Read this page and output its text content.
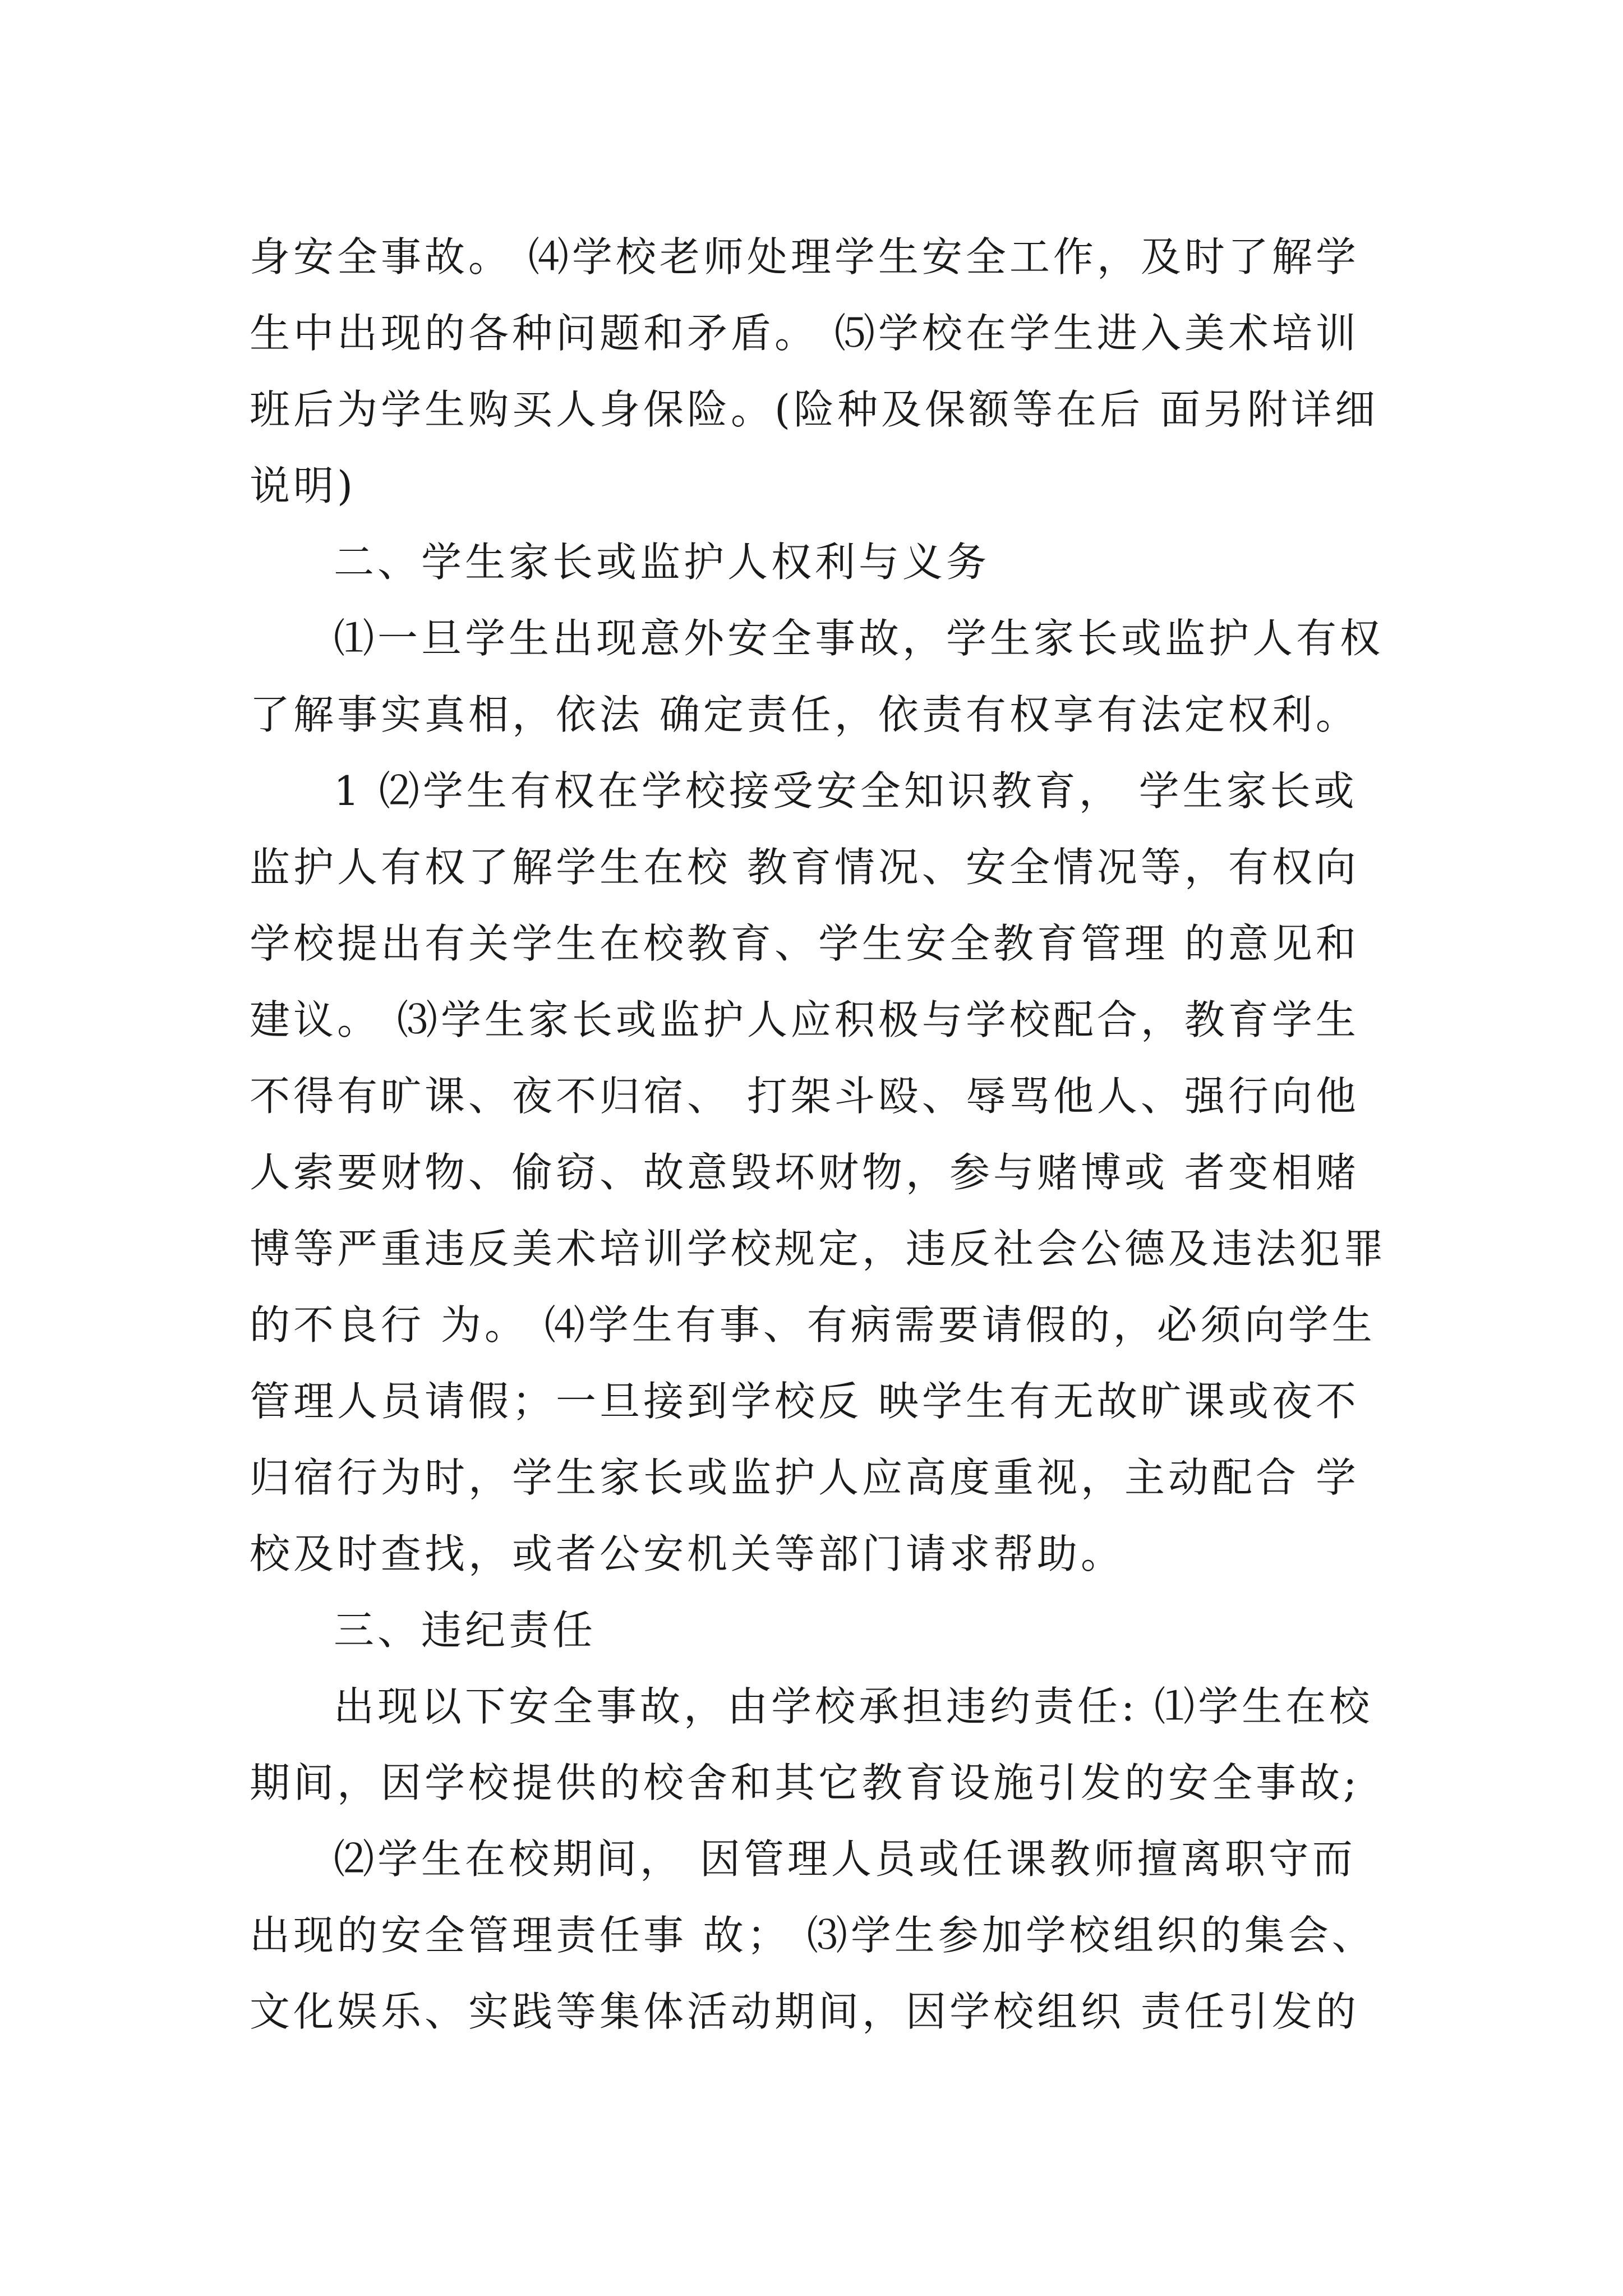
身安全事故。 ⑷学校老师处理学生安全工作，及时了解学
生中出现的各种问题和矛盾。 ⑸学校在学生进入美术培训
班后为学生购买人身保险。(险种及保额等在后 面另附详细
说明)
二、学生家长或监护人权利与义务
⑴一旦学生出现意外安全事故，学生家长或监护人有权
了解事实真相，依法 确定责任，依责有权享有法定权利。
1 ⑵学生有权在学校接受安全知识教育， 学生家长或
监护人有权了解学生在校 教育情况、安全情况等，有权向
学校提出有关学生在校教育、学生安全教育管理 的意见和
建议。 ⑶学生家长或监护人应积极与学校配合，教育学生
不得有旷课、夜不归宿、 打架斗殴、辱骂他人、强行向他
人索要财物、偷窃、故意毁坏财物，参与赌博或 者变相赌
博等严重违反美术培训学校规定，违反社会公德及违法犯罪
的不良行 为。 ⑷学生有事、有病需要请假的，必须向学生
管理人员请假；一旦接到学校反 映学生有无故旷课或夜不
归宿行为时，学生家长或监护人应高度重视，主动配合 学
校及时查找，或者公安机关等部门请求帮助。
三、违纪责任
出现以下安全事故，由学校承担违约责任: ⑴学生在校
期间，因学校提供的校舍和其它教育设施引发的安全事故;
⑵学生在校期间， 因管理人员或任课教师擅离职守而
出现的安全管理责任事 故； ⑶学生参加学校组织的集会、
文化娱乐、实践等集体活动期间，因学校组织 责任引发的
